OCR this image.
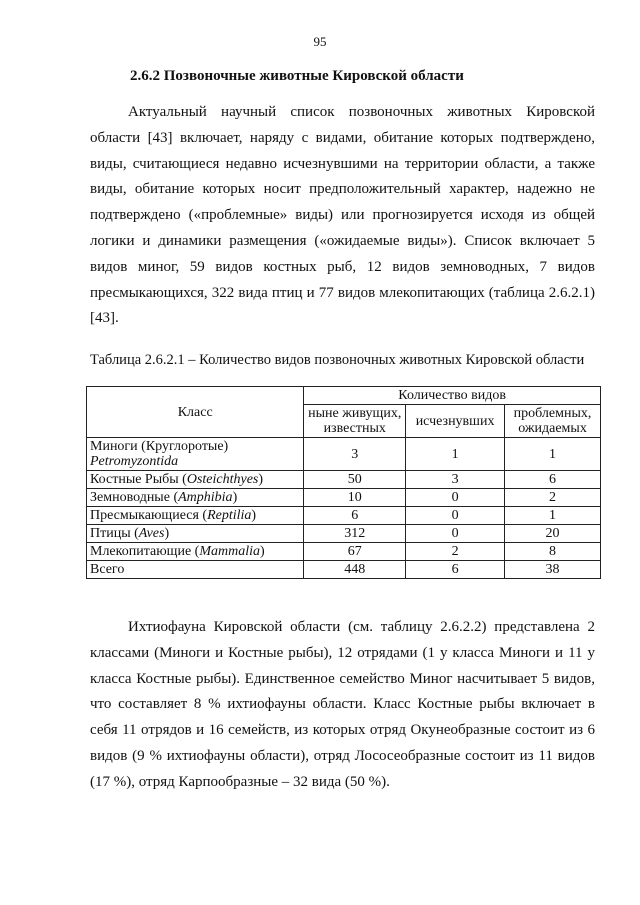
95
2.6.2 Позвоночные животные Кировской области

Актуальный научный список позвоночных животных Кировской области [43] включает, наряду с видами, обитание которых подтверждено, виды, считающиеся недавно исчезнувшими на территории области, а также виды, обитание которых носит предположительный характер, надежно не подтверждено («проблемные» виды) или прогнозируется исходя из общей логики и динамики размещения («ожидаемые виды»). Список включает 5 видов миног, 59 видов костных рыб, 12 видов земноводных, 7 видов пресмыкающихся, 322 вида птиц и 77 видов млекопитающих (таблица 2.6.2.1) [43].

Таблица 2.6.2.1 – Количество видов позвоночных животных Кировской области

Класс	Количество видов		
	ныне живущих, известных	исчезнувших	проблемных, ожидаемых
Миноги (Круглоротые)
Petromyzontida	3	1	1
Костные Рыбы (Osteichthyes)	50	3	6
Земноводные (Amphibia)	10	0	2
Пресмыкающиеся (Reptilia)	6	0	1
Птицы (Aves)	312	0	20
Млекопитающие (Mammalia)	67	2	8
Всего	448	6	38

Ихтиофауна Кировской области (см. таблицу 2.6.2.2) представлена 2 классами (Миноги и Костные рыбы), 12 отрядами (1 у класса Миноги и 11 у класса Костные рыбы). Единственное семейство Миног насчитывает 5 видов, что составляет 8 % ихтиофауны области. Класс Костные рыбы включает в себя 11 отрядов и 16 семейств, из которых отряд Окунеобразные состоит из 6 видов (9 % ихтиофауны области), отряд Лососеобразные состоит из 11 видов (17 %), отряд Карпообразные – 32 вида (50 %).
